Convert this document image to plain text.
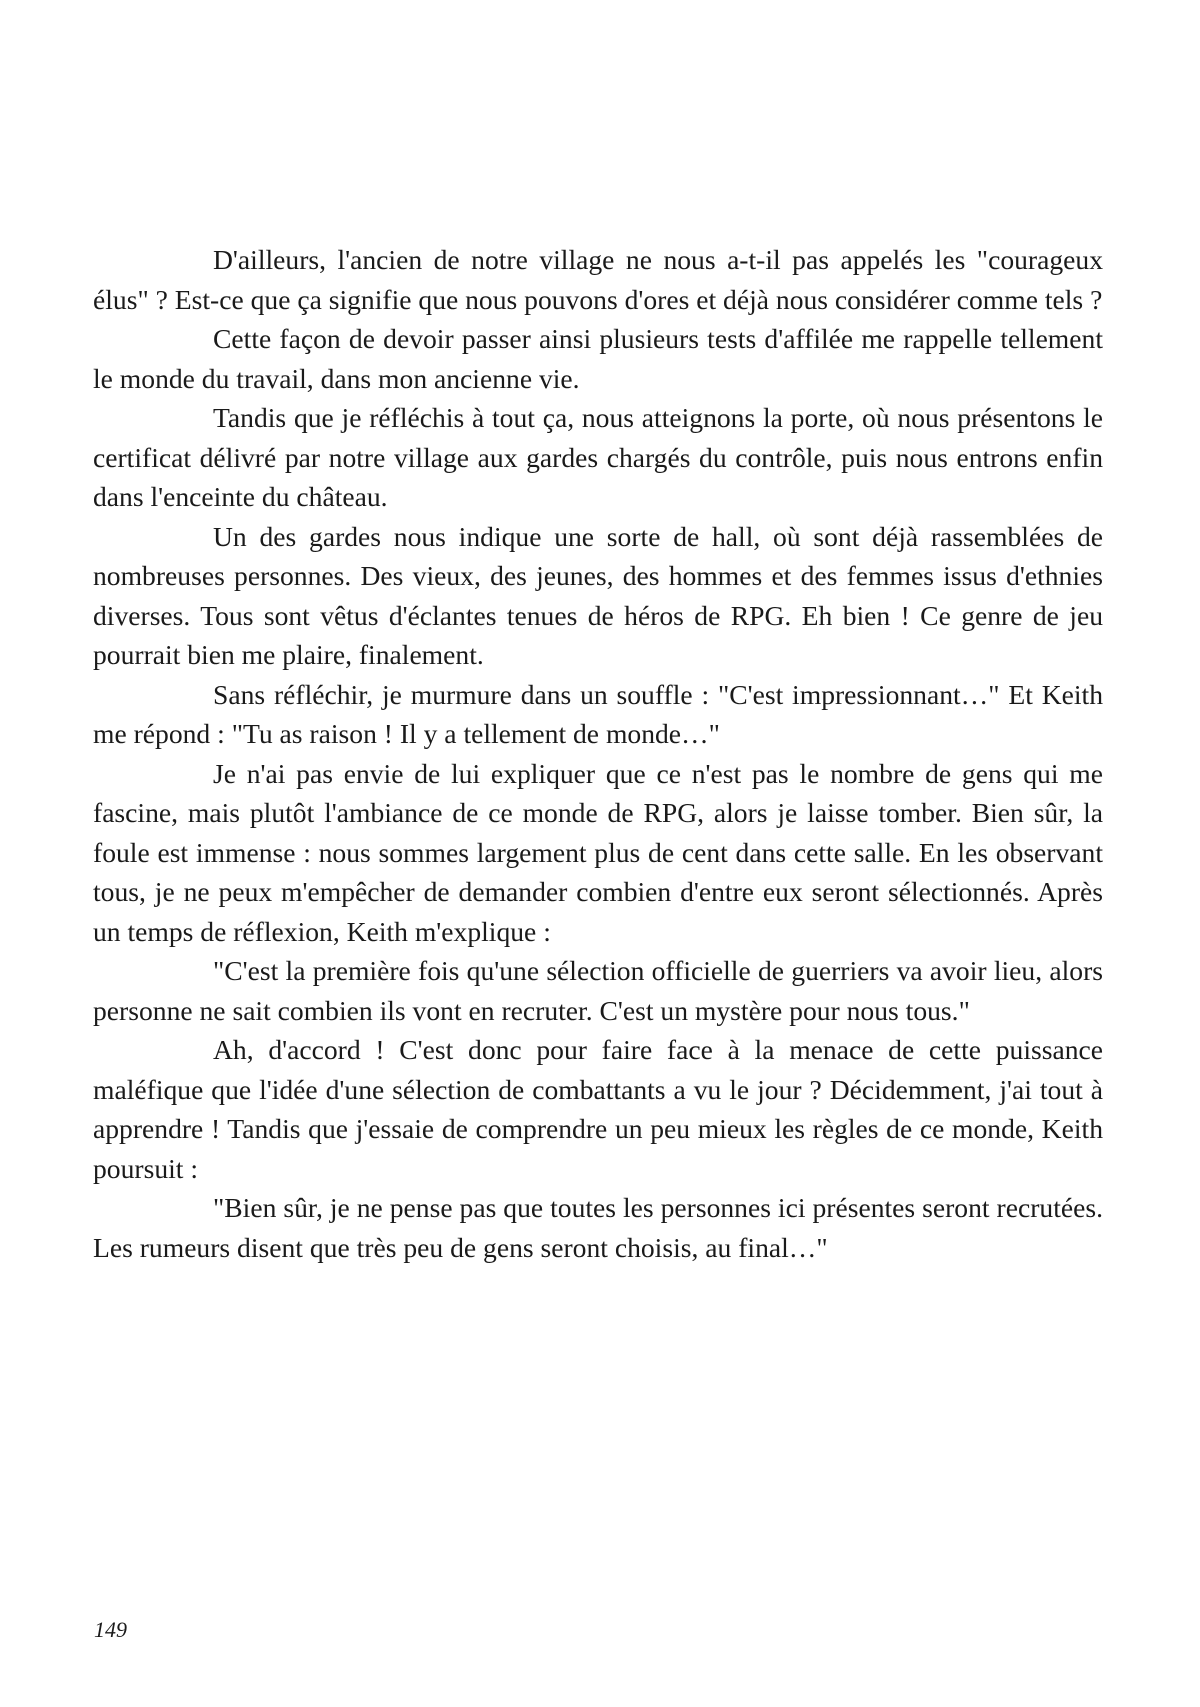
D'ailleurs, l'ancien de notre village ne nous a-t-il pas appelés les "courageux élus" ? Est-ce que ça signifie que nous pouvons d'ores et déjà nous considérer comme tels ?

Cette façon de devoir passer ainsi plusieurs tests d'affilée me rappelle tellement le monde du travail, dans mon ancienne vie.

Tandis que je réfléchis à tout ça, nous atteignons la porte, où nous présentons le certificat délivré par notre village aux gardes chargés du contrôle, puis nous entrons enfin dans l'enceinte du château.

Un des gardes nous indique une sorte de hall, où sont déjà rassemblées de nombreuses personnes. Des vieux, des jeunes, des hommes et des femmes issus d'ethnies diverses. Tous sont vêtus d'éclantes tenues de héros de RPG. Eh bien ! Ce genre de jeu pourrait bien me plaire, finalement.

Sans réfléchir, je murmure dans un souffle : "C'est impressionnant…" Et Keith me répond : "Tu as raison ! Il y a tellement de monde…"

Je n'ai pas envie de lui expliquer que ce n'est pas le nombre de gens qui me fascine, mais plutôt l'ambiance de ce monde de RPG, alors je laisse tomber. Bien sûr, la foule est immense : nous sommes largement plus de cent dans cette salle. En les observant tous, je ne peux m'empêcher de demander combien d'entre eux seront sélectionnés. Après un temps de réflexion, Keith m'explique :

"C'est la première fois qu'une sélection officielle de guerriers va avoir lieu, alors personne ne sait combien ils vont en recruter. C'est un mystère pour nous tous."

Ah, d'accord ! C'est donc pour faire face à la menace de cette puissance maléfique que l'idée d'une sélection de combattants a vu le jour ? Décidemment, j'ai tout à apprendre ! Tandis que j'essaie de comprendre un peu mieux les règles de ce monde, Keith poursuit :

"Bien sûr, je ne pense pas que toutes les personnes ici présentes seront recrutées. Les rumeurs disent que très peu de gens seront choisis, au final…"

149
